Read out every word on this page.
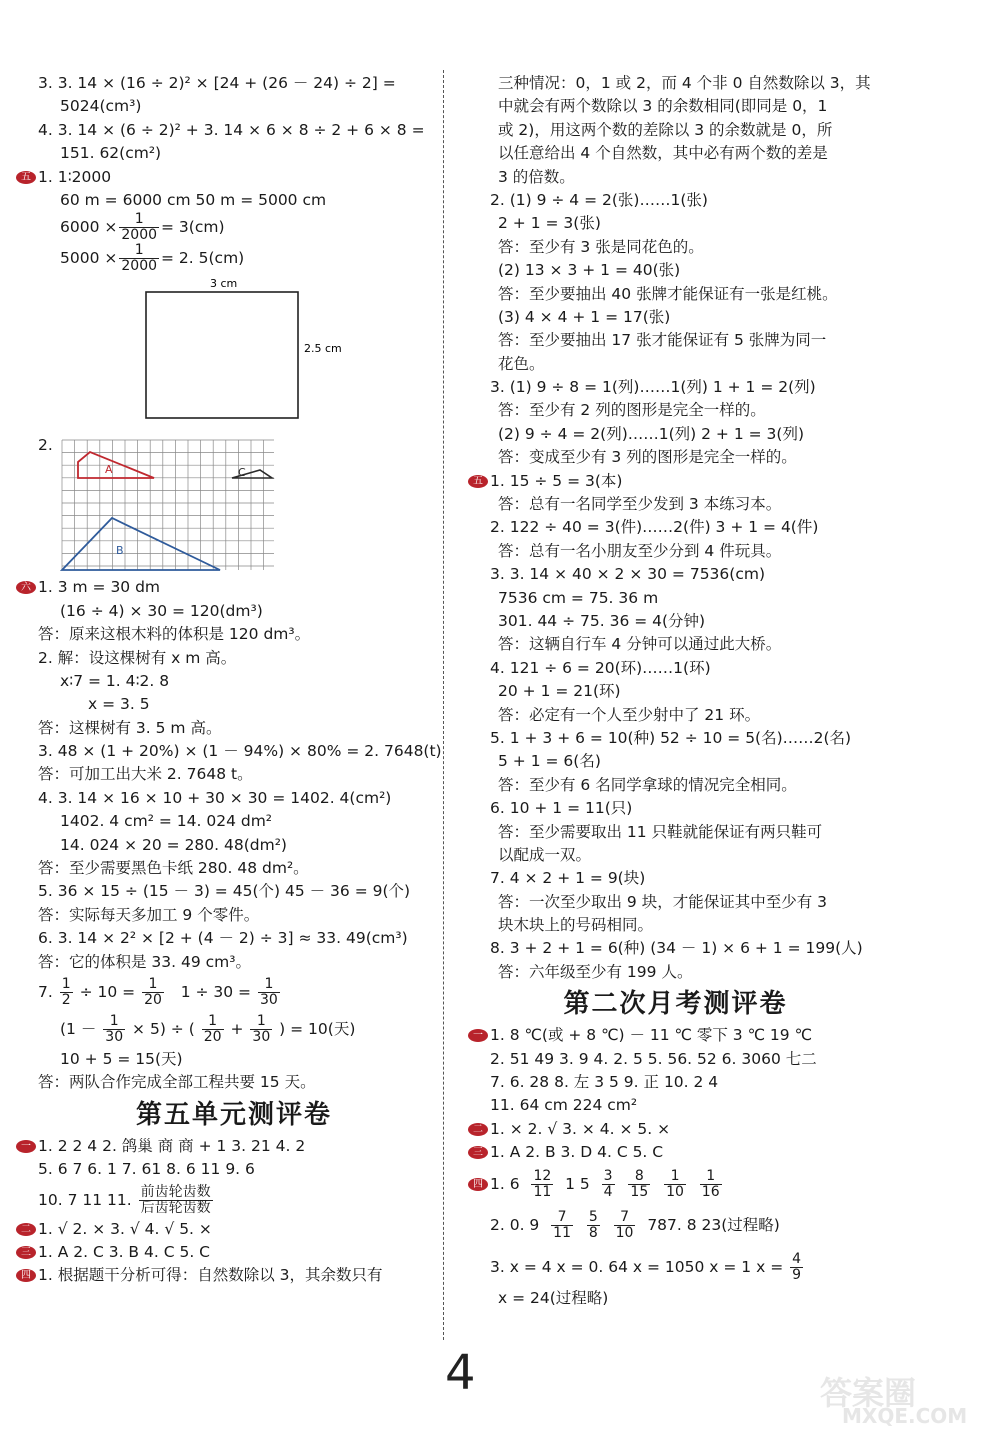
3. 3. 14 × (16 ÷ 2)² × [24 + (26 － 24) ÷ 2] =
5024(cm³)
4. 3. 14 × (6 ÷ 2)² + 3. 14 × 6 × 8 ÷ 2 + 6 × 8 =
151. 62(cm²)
五 1. 1∶2000
60 m = 6000 cm 50 m = 5000 cm
$6000 \times \frac{1}{2000} = 3(cm)$
$5000 \times \frac{1}{2000} = 2$. 5(cm)
3 cm
2.5 cm
2.
A	C
B
六 1. 3 m = 30 dm
(16 ÷ 4) × 30 = 120(dm³)
答：原来这根木料的体积是 120 dm³。
2. 解：设这棵树有 x m 高。
x∶7 = 1. 4∶2. 8
x = 3. 5
答：这棵树有 3. 5 m 高。
3. 48 × (1 + 20%) × (1 － 94%) × 80% = 2. 7648(t)
答：可加工出大米 2. 7648 t。
4. 3. 14 × 16 × 10 + 30 × 30 = 1402. 4(cm²)
1402. 4 cm² = 14. 024 dm²
14. 024 × 20 = 280. 48(dm²)
答：至少需要黑色卡纸 280. 48 dm²。
5. 36 × 15 ÷ (15 － 3) = 45(个) 45 － 36 = 9(个)
答：实际每天多加工 9 个零件。
6. 3. 14 × 2² × [2 + (4 － 2) ÷ 3] ≈ 33. 49(cm³)
答：它的体积是 33. 49 cm³。
7. $\frac{1}{2} \div 10 = \frac{1}{20} 1 \div 30 = \frac{1}{30}$
$(1 - \frac{1}{30} \times 5)$ ÷ ( $\frac{1}{20} + \frac{1}{30}$ ) = 10(天)
10 + 5 = 15(天)
答：两队合作完成全部工程共要 15 天。
第五单元测评卷
一 1. 2 2 4 2. 鸽巢 商 商 + 1 3. 21 4. 2
5. 6 7 6. 1 7. 61 8. 6 11 9. 6
10. 7 11 11. $\frac{\text{前齿轮齿数}}{\text{后齿轮齿数}}$
二 1. √ 2. × 3. √ 4. √ 5. ×
三 1. A 2. C 3. B 4. C 5. C
四 1. 根据题干分析可得：自然数除以 3，其余数只有
三种情况：0，1 或 2，而 4 个非 0 自然数除以 3，其
中就会有两个数除以 3 的余数相同(即同是 0，1
或 2)，用这两个数的差除以 3 的余数就是 0，所
以任意给出 4 个自然数，其中必有两个数的差是
3 的倍数。
2. (1) 9 ÷ 4 = 2(张)……1(张)
2 + 1 = 3(张)
答：至少有 3 张是同花色的。
(2) 13 × 3 + 1 = 40(张)
答：至少要抽出 40 张牌才能保证有一张是红桃。
(3) 4 × 4 + 1 = 17(张)
答：至少要抽出 17 张才能保证有 5 张牌为同一
花色。
3. (1) 9 ÷ 8 = 1(列)……1(列) 1 + 1 = 2(列)
答：至少有 2 列的图形是完全一样的。
(2) 9 ÷ 4 = 2(列)……1(列) 2 + 1 = 3(列)
答：变成至少有 3 列的图形是完全一样的。
五 1. 15 ÷ 5 = 3(本)
答：总有一名同学至少发到 3 本练习本。
2. 122 ÷ 40 = 3(件)……2(件) 3 + 1 = 4(件)
答：总有一名小朋友至少分到 4 件玩具。
3. 3. 14 × 40 × 2 × 30 = 7536(cm)
7536 cm = 75. 36 m
301. 44 ÷ 75. 36 = 4(分钟)
答：这辆自行车 4 分钟可以通过此大桥。
4. 121 ÷ 6 = 20(环)……1(环)
20 + 1 = 21(环)
答：必定有一个人至少射中了 21 环。
5. 1 + 3 + 6 = 10(种) 52 ÷ 10 = 5(名)……2(名)
5 + 1 = 6(名)
答：至少有 6 名同学拿球的情况完全相同。
6. 10 + 1 = 11(只)
答：至少需要取出 11 只鞋就能保证有两只鞋可
以配成一双。
7. 4 × 2 + 1 = 9(块)
答：一次至少取出 9 块，才能保证其中至少有 3
块木块上的号码相同。
8. 3 + 2 + 1 = 6(种) (34 － 1) × 6 + 1 = 199(人)
答：六年级至少有 199 人。
第二次月考测评卷
一 1. 8 ℃(或 + 8 ℃) － 11 ℃ 零下 3 ℃ 19 ℃
2. 51 49 3. 9 4. 2. 5 5. 56. 52 6. 3060 七二
7. 6. 28 8. 左 3 5 9. 正 10. 2 4
11. 64 cm 224 cm²
二 1. × 2. √ 3. × 4. × 5. ×
三 1. A 2. B 3. D 4. C 5. C
四 1. $6 \frac{12}{11} 1$ $5 \frac{3}{4}$
$\frac{8}{15}$
$\frac{1}{10}$
$\frac{1}{16}$
2. 0. $9 \frac{7}{11}$
$\frac{5}{8}$
$\frac{7}{10} 787$. 8 23(过程略)
3. x = 4 x = 0. 64 x = 1050 x = 1 $x = \frac{4}{9}$
x = 24(过程略)
4	答案圈
MXQE.COM
